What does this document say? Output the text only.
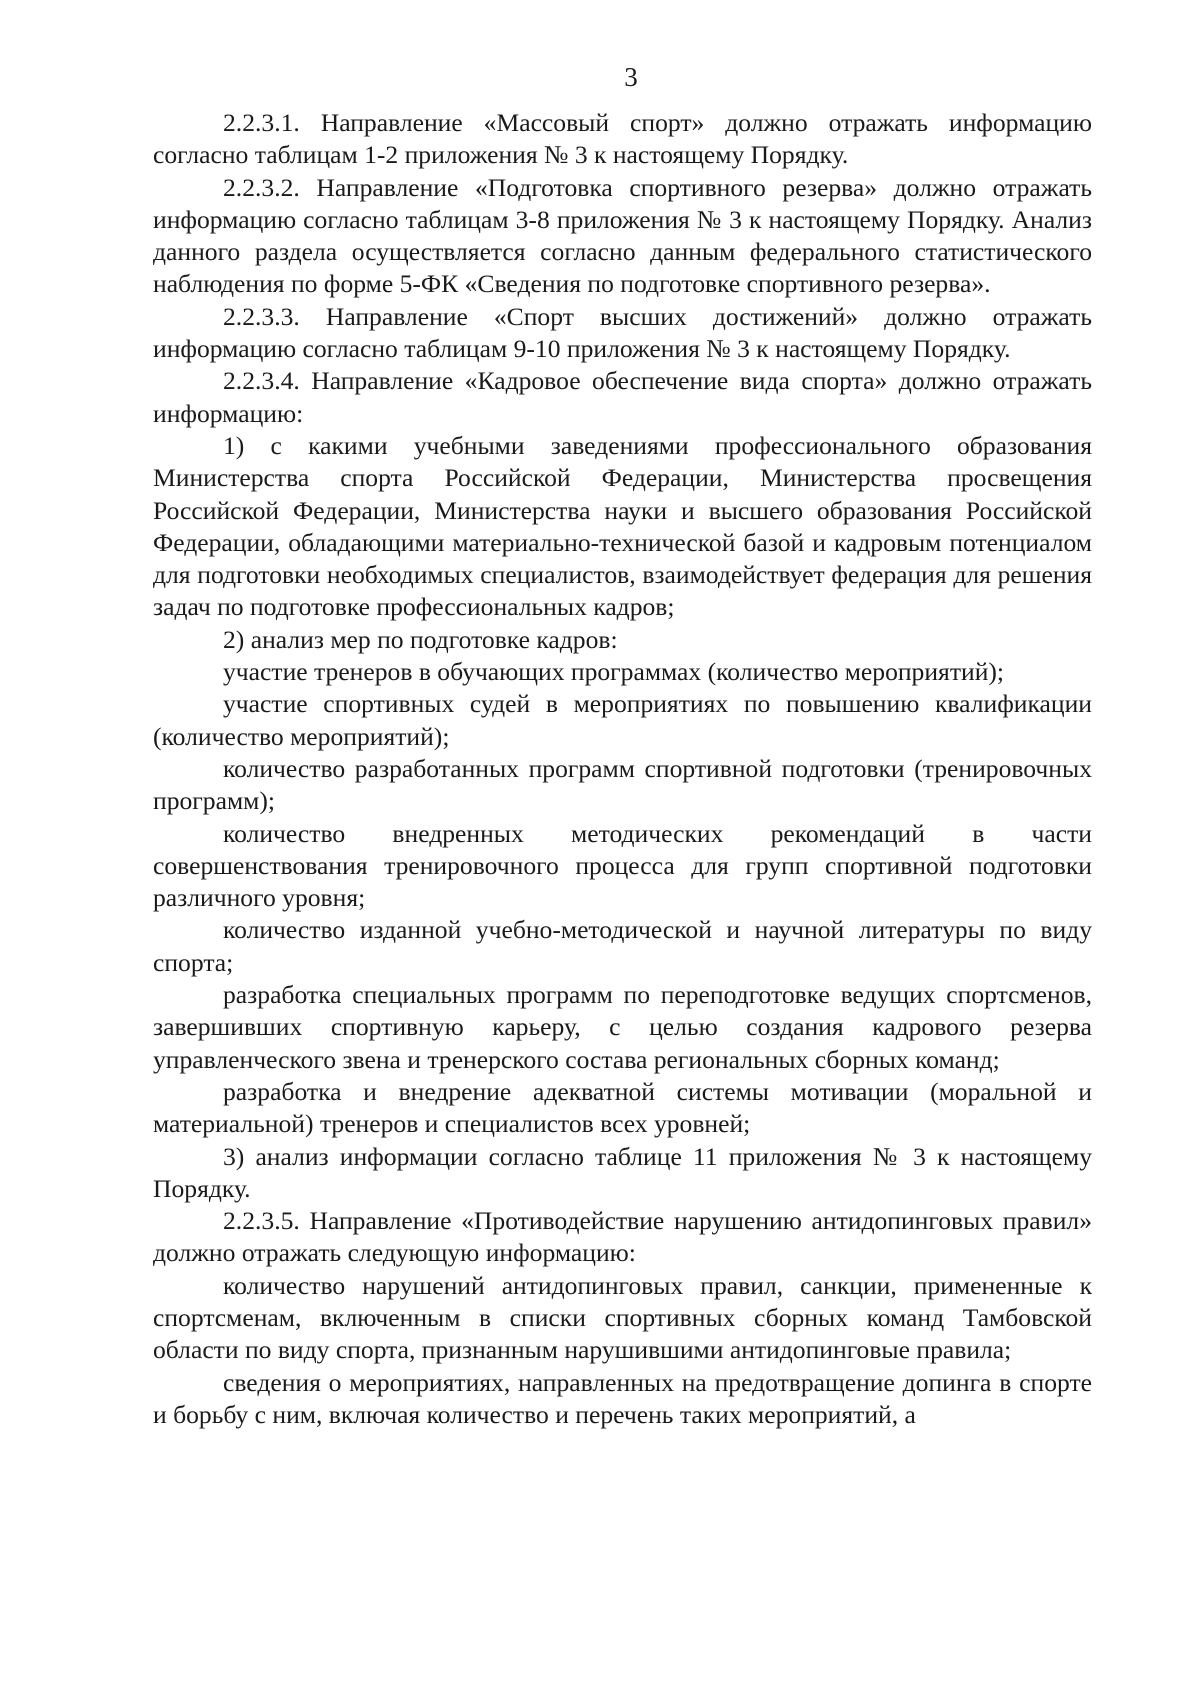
3

2.2.3.1. Направление «Массовый спорт» должно отражать информацию согласно таблицам 1-2 приложения № 3 к настоящему Порядку.

2.2.3.2. Направление «Подготовка спортивного резерва» должно отражать информацию согласно таблицам 3-8 приложения № 3 к настоящему Порядку. Анализ данного раздела осуществляется согласно данным федерального статистического наблюдения по форме 5-ФК «Сведения по подготовке спортивного резерва».

2.2.3.3. Направление «Спорт высших достижений» должно отражать информацию согласно таблицам 9-10 приложения № 3 к настоящему Порядку.

2.2.3.4. Направление «Кадровое обеспечение вида спорта» должно отражать информацию:

1) с какими учебными заведениями профессионального образования Министерства спорта Российской Федерации, Министерства просвещения Российской Федерации, Министерства науки и высшего образования Российской Федерации, обладающими материально-технической базой и кадровым потенциалом для подготовки необходимых специалистов, взаимодействует федерация для решения задач по подготовке профессиональных кадров;

2) анализ мер по подготовке кадров:

участие тренеров в обучающих программах (количество мероприятий);

участие спортивных судей в мероприятиях по повышению квалификации (количество мероприятий);

количество разработанных программ спортивной подготовки (тренировочных программ);

количество внедренных методических рекомендаций в части совершенствования тренировочного процесса для групп спортивной подготовки различного уровня;

количество изданной учебно-методической и научной литературы по виду спорта;

разработка специальных программ по переподготовке ведущих спортсменов, завершивших спортивную карьеру, с целью создания кадрового резерва управленческого звена и тренерского состава региональных сборных команд;

разработка и внедрение адекватной системы мотивации (моральной и материальной) тренеров и специалистов всех уровней;

3) анализ информации согласно таблице 11 приложения № 3 к настоящему Порядку.

2.2.3.5. Направление «Противодействие нарушению антидопинговых правил» должно отражать следующую информацию:

количество нарушений антидопинговых правил, санкции, примененные к спортсменам, включенным в списки спортивных сборных команд Тамбовской области по виду спорта, признанным нарушившими антидопинговые правила;

сведения о мероприятиях, направленных на предотвращение допинга в спорте и борьбу с ним, включая количество и перечень таких мероприятий, а
